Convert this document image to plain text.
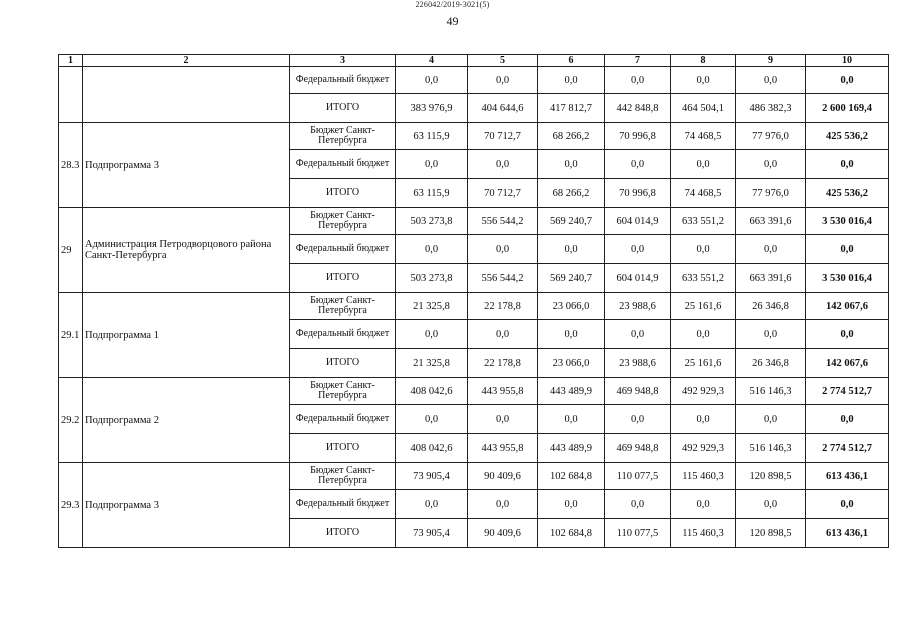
226042/2019-3021(5)
49
1	2	3	4	5	6	7	8	9	10
		Федеральный бюджет	0,0	0,0	0,0	0,0	0,0	0,0	0,0
		ИТОГО	383 976,9	404 644,6	417 812,7	442 848,8	464 504,1	486 382,3	2 600 169,4
28.3	Подпрограмма 3	Бюджет Санкт-Петербурга	63 115,9	70 712,7	68 266,2	70 996,8	74 468,5	77 976,0	425 536,2
		Федеральный бюджет	0,0	0,0	0,0	0,0	0,0	0,0	0,0
		ИТОГО	63 115,9	70 712,7	68 266,2	70 996,8	74 468,5	77 976,0	425 536,2
29	Администрация Петродворцового района Санкт-Петербурга	Бюджет Санкт-Петербурга	503 273,8	556 544,2	569 240,7	604 014,9	633 551,2	663 391,6	3 530 016,4
		Федеральный бюджет	0,0	0,0	0,0	0,0	0,0	0,0	0,0
		ИТОГО	503 273,8	556 544,2	569 240,7	604 014,9	633 551,2	663 391,6	3 530 016,4
29.1	Подпрограмма 1	Бюджет Санкт-Петербурга	21 325,8	22 178,8	23 066,0	23 988,6	25 161,6	26 346,8	142 067,6
		Федеральный бюджет	0,0	0,0	0,0	0,0	0,0	0,0	0,0
		ИТОГО	21 325,8	22 178,8	23 066,0	23 988,6	25 161,6	26 346,8	142 067,6
29.2	Подпрограмма 2	Бюджет Санкт-Петербурга	408 042,6	443 955,8	443 489,9	469 948,8	492 929,3	516 146,3	2 774 512,7
		Федеральный бюджет	0,0	0,0	0,0	0,0	0,0	0,0	0,0
		ИТОГО	408 042,6	443 955,8	443 489,9	469 948,8	492 929,3	516 146,3	2 774 512,7
29.3	Подпрограмма 3	Бюджет Санкт-Петербурга	73 905,4	90 409,6	102 684,8	110 077,5	115 460,3	120 898,5	613 436,1
		Федеральный бюджет	0,0	0,0	0,0	0,0	0,0	0,0	0,0
		ИТОГО	73 905,4	90 409,6	102 684,8	110 077,5	115 460,3	120 898,5	613 436,1
